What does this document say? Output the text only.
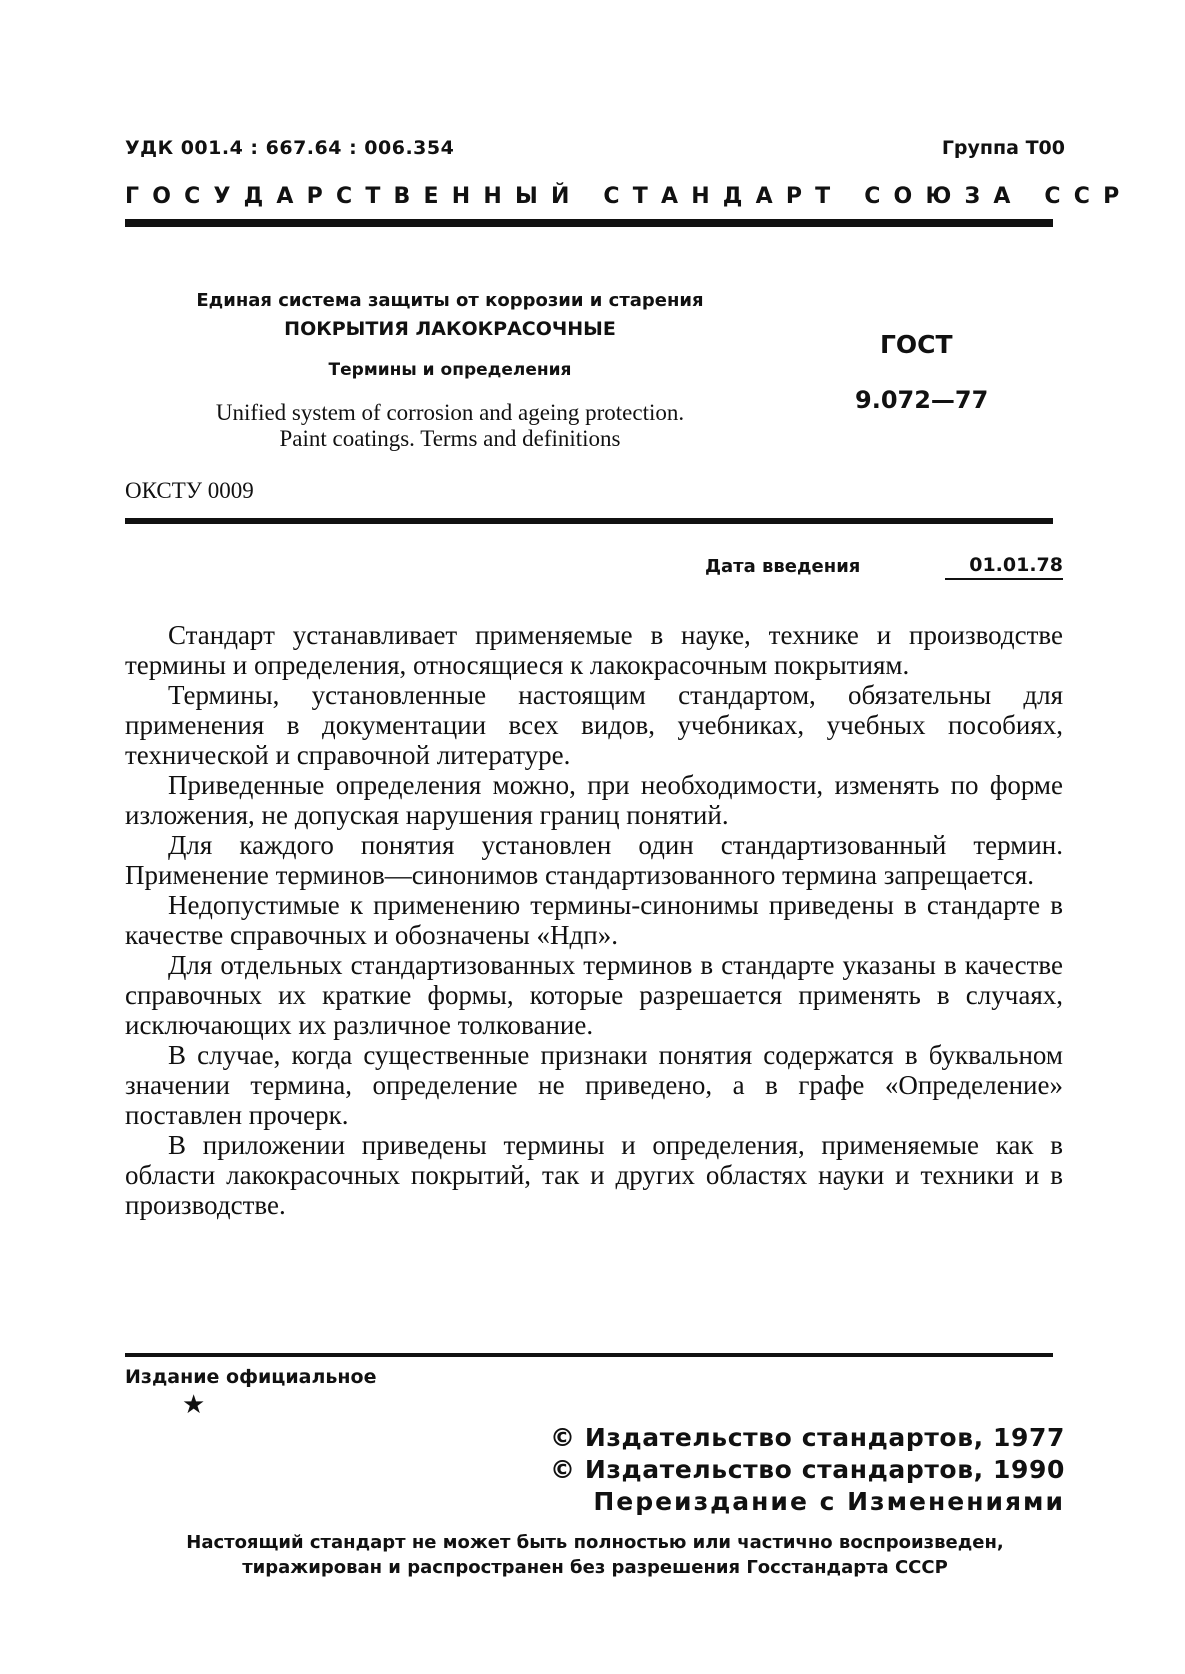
УДК 001.4 : 667.64 : 006.354	Группа Т00
ГОСУДАРСТВЕННЫЙ СТАНДАРТ СОЮЗА ССР

Единая система защиты от коррозии и старения

ПОКРЫТИЯ ЛАКОКРАСОЧНЫЕ

Термины и определения

Unified system of corrosion and ageing protection.
Paint coatings. Terms and definitions

ГОСТ
9.072—77
ОКСТУ 0009
Дата введения	01.01.78

Стандарт устанавливает применяемые в науке, технике и производстве термины и определения, относящиеся к лакокрасочным покрытиям.

Термины, установленные настоящим стандартом, обязательны для применения в документации всех видов, учебниках, учебных пособиях, технической и справочной литературе.

Приведенные определения можно, при необходимости, изменять по форме изложения, не допуская нарушения границ понятий.

Для каждого понятия установлен один стандартизованный термин. Применение терминов—синонимов стандартизованного термина запрещается.

Недопустимые к применению термины-синонимы приведены в стандарте в качестве справочных и обозначены «Ндп».

Для отдельных стандартизованных терминов в стандарте указаны в качестве справочных их краткие формы, которые разрешается применять в случаях, исключающих их различное толкование.

В случае, когда существенные признаки понятия содержатся в буквальном значении термина, определение не приведено, а в графе «Определение» поставлен прочерк.

В приложении приведены термины и определения, применяемые как в области лакокрасочных покрытий, так и других областях науки и техники и в производстве.

Издание официальное
★
© Издательство стандартов, 1977
© Издательство стандартов, 1990
Переиздание с Изменениями
Настоящий стандарт не может быть полностью или частично воспроизведен,
тиражирован и распространен без разрешения Госстандарта СССР
